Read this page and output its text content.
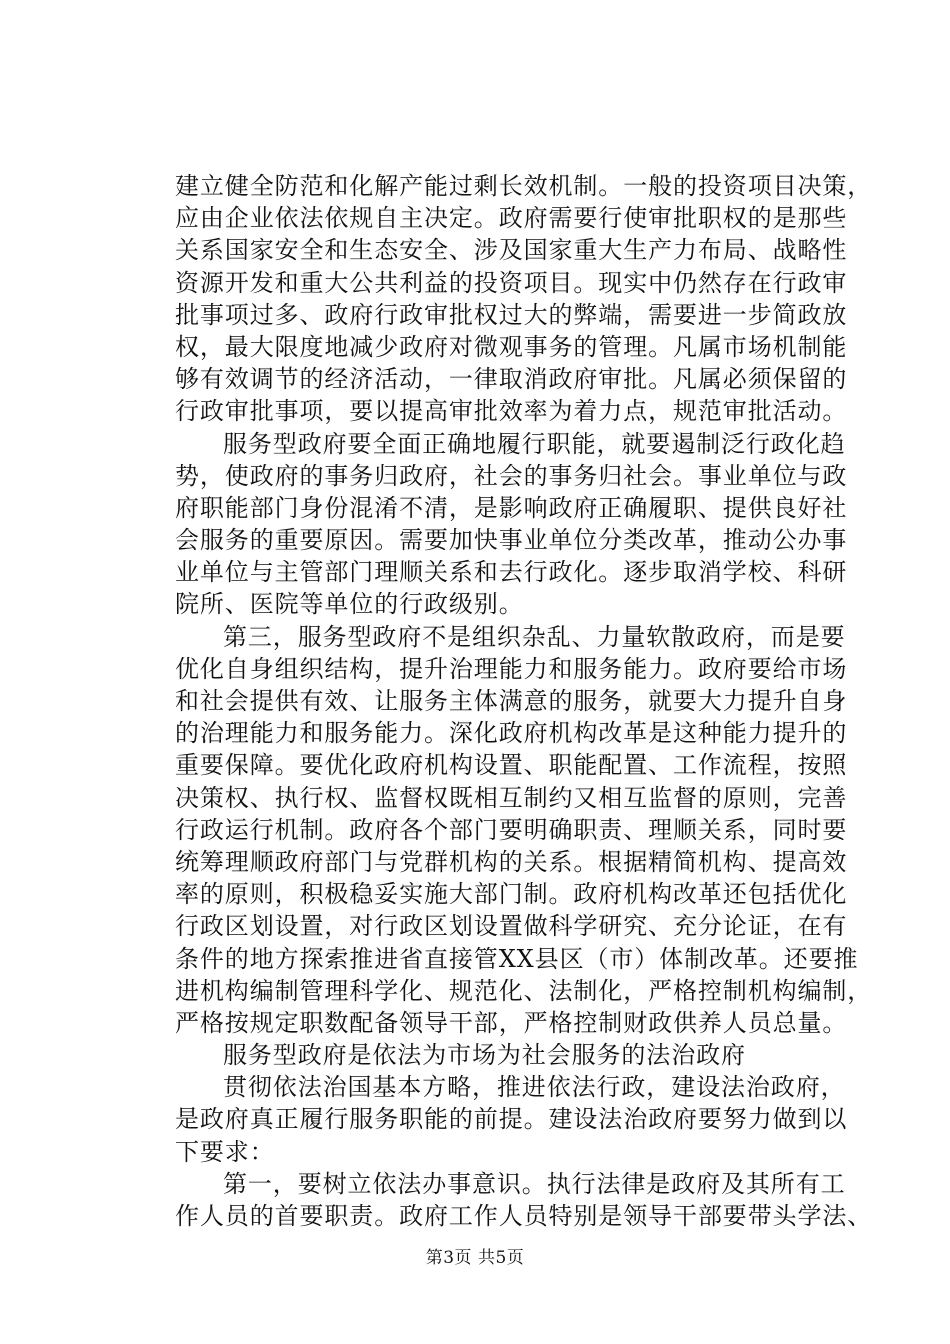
建立健全防范和化解产能过剩长效机制。一般的投资项目决策，
应由企业依法依规自主决定。政府需要行使审批职权的是那些
关系国家安全和生态安全、涉及国家重大生产力布局、战略性
资源开发和重大公共利益的投资项目。现实中仍然存在行政审
批事项过多、政府行政审批权过大的弊端，需要进一步简政放
权，最大限度地减少政府对微观事务的管理。凡属市场机制能
够有效调节的经济活动，一律取消政府审批。凡属必须保留的
行政审批事项，要以提高审批效率为着力点，规范审批活动。
服务型政府要全面正确地履行职能，就要遏制泛行政化趋
势，使政府的事务归政府，社会的事务归社会。事业单位与政
府职能部门身份混淆不清，是影响政府正确履职、提供良好社
会服务的重要原因。需要加快事业单位分类改革，推动公办事
业单位与主管部门理顺关系和去行政化。逐步取消学校、科研
院所、医院等单位的行政级别。
第三，服务型政府不是组织杂乱、力量软散政府，而是要
优化自身组织结构，提升治理能力和服务能力。政府要给市场
和社会提供有效、让服务主体满意的服务，就要大力提升自身
的治理能力和服务能力。深化政府机构改革是这种能力提升的
重要保障。要优化政府机构设置、职能配置、工作流程，按照
决策权、执行权、监督权既相互制约又相互监督的原则，完善
行政运行机制。政府各个部门要明确职责、理顺关系，同时要
统筹理顺政府部门与党群机构的关系。根据精简机构、提高效
率的原则，积极稳妥实施大部门制。政府机构改革还包括优化
行政区划设置，对行政区划设置做科学研究、充分论证，在有
条件的地方探索推进省直接管XX县区（市）体制改革。还要推
进机构编制管理科学化、规范化、法制化，严格控制机构编制，
严格按规定职数配备领导干部，严格控制财政供养人员总量。
服务型政府是依法为市场为社会服务的法治政府
贯彻依法治国基本方略，推进依法行政，建设法治政府，
是政府真正履行服务职能的前提。建设法治政府要努力做到以
下要求：
第一，要树立依法办事意识。执行法律是政府及其所有工
作人员的首要职责。政府工作人员特别是领导干部要带头学法、
第3页 共5页
